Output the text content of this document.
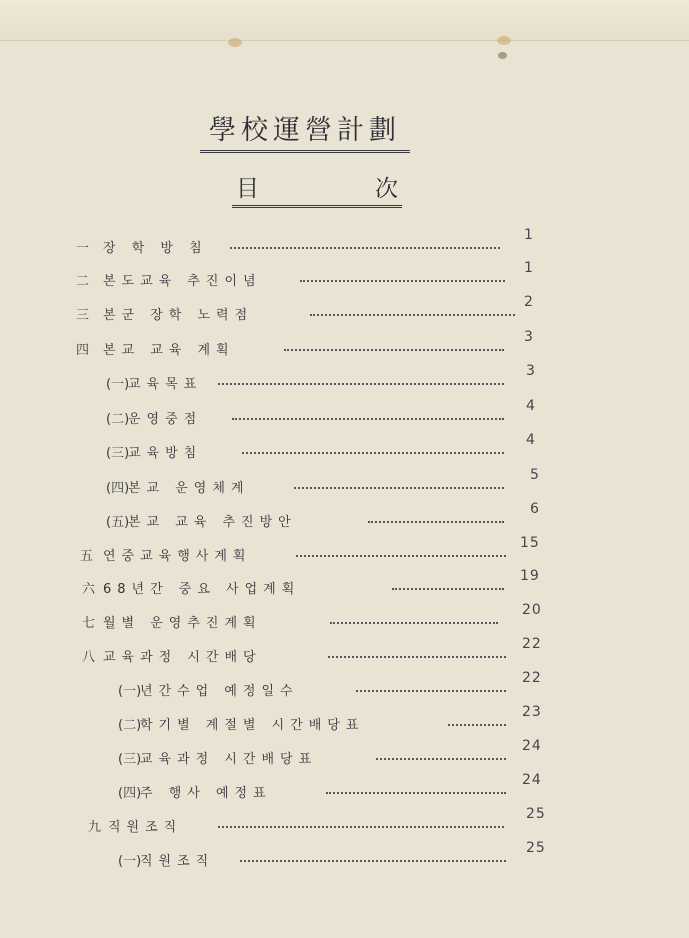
學校運營計劃
目	次
一 장 학 방 침
1
二 본도교육 추진이념
1
三 본군 장학 노력점
2
四 본교 교육 계획
3
(一)
교육목표
3
(二)
운영중점
4
(三)
교육방침
4
(四)
본교 운영체계
5
(五)
본교 교육 추진방안
6
五 연중교육행사계획
15
六 68년간 중요 사업계획
19
七 월별 운영추진계획
20
八 교육과정 시간배당
22
(一)
년간수업 예정일수
22
(二)
학기별 계절별 시간배당표
23
(三)
교육과정 시간배당표
24
(四)
주 행사 예정표
24
九 직원조직
25
(一)
직원조직
25
